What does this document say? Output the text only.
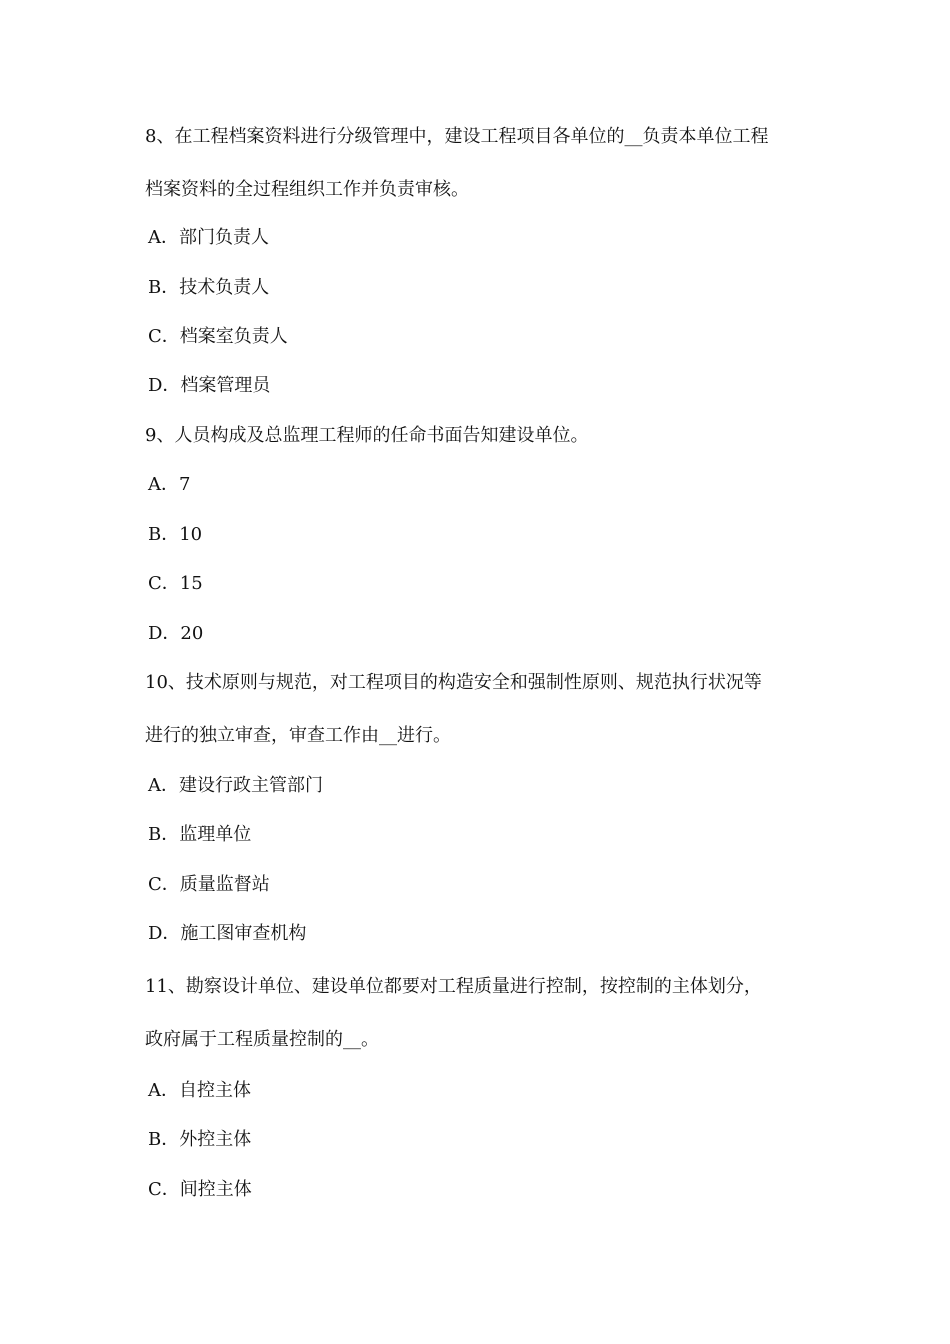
8、在工程档案资料进行分级管理中，建设工程项目各单位的__负责本单位工程
档案资料的全过程组织工作并负责审核。
A．部门负责人
B．技术负责人
C．档案室负责人
D．档案管理员
9、人员构成及总监理工程师的任命书面告知建设单位。
A．7
B．10
C．15
D．20
10、技术原则与规范，对工程项目的构造安全和强制性原则、规范执行状况等
进行的独立审查，审查工作由__进行。
A．建设行政主管部门
B．监理单位
C．质量监督站
D．施工图审查机构
11、勘察设计单位、建设单位都要对工程质量进行控制，按控制的主体划分，
政府属于工程质量控制的__。
A．自控主体
B．外控主体
C．间控主体
